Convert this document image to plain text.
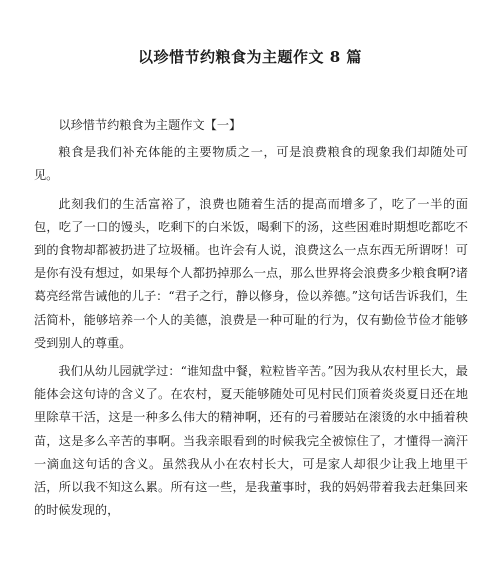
以珍惜节约粮食为主题作文 8 篇

以珍惜节约粮食为主题作文【一】

粮食是我们补充体能的主要物质之一，可是浪费粮食的现象我们却随处可见。

此刻我们的生活富裕了，浪费也随着生活的提高而增多了，吃了一半的面包，吃了一口的馒头，吃剩下的白米饭，喝剩下的汤，这些困难时期想吃都吃不到的食物却都被扔进了垃圾桶。也许会有人说，浪费这么一点东西无所谓呀！可是你有没有想过，如果每个人都扔掉那么一点，那么世界将会浪费多少粮食啊?诸葛亮经常告诫他的儿子：“君子之行，静以修身，俭以养德。”这句话告诉我们，生活简朴，能够培养一个人的美德，浪费是一种可耻的行为，仅有勤俭节俭才能够受到别人的尊重。

我们从幼儿园就学过：“谁知盘中餐，粒粒皆辛苦。”因为我从农村里长大，最能体会这句诗的含义了。在农村，夏天能够随处可见村民们顶着炎炎夏日还在地里除草干活，这是一种多么伟大的精神啊，还有的弓着腰站在滚烫的水中插着秧苗，这是多么辛苦的事啊。当我亲眼看到的时候我完全被惊住了，才懂得一滴汗一滴血这句话的含义。虽然我从小在农村长大，可是家人却很少让我上地里干活，所以我不知这么累。所有这一些，是我董事时，我的妈妈带着我去赶集回来的时候发现的，
